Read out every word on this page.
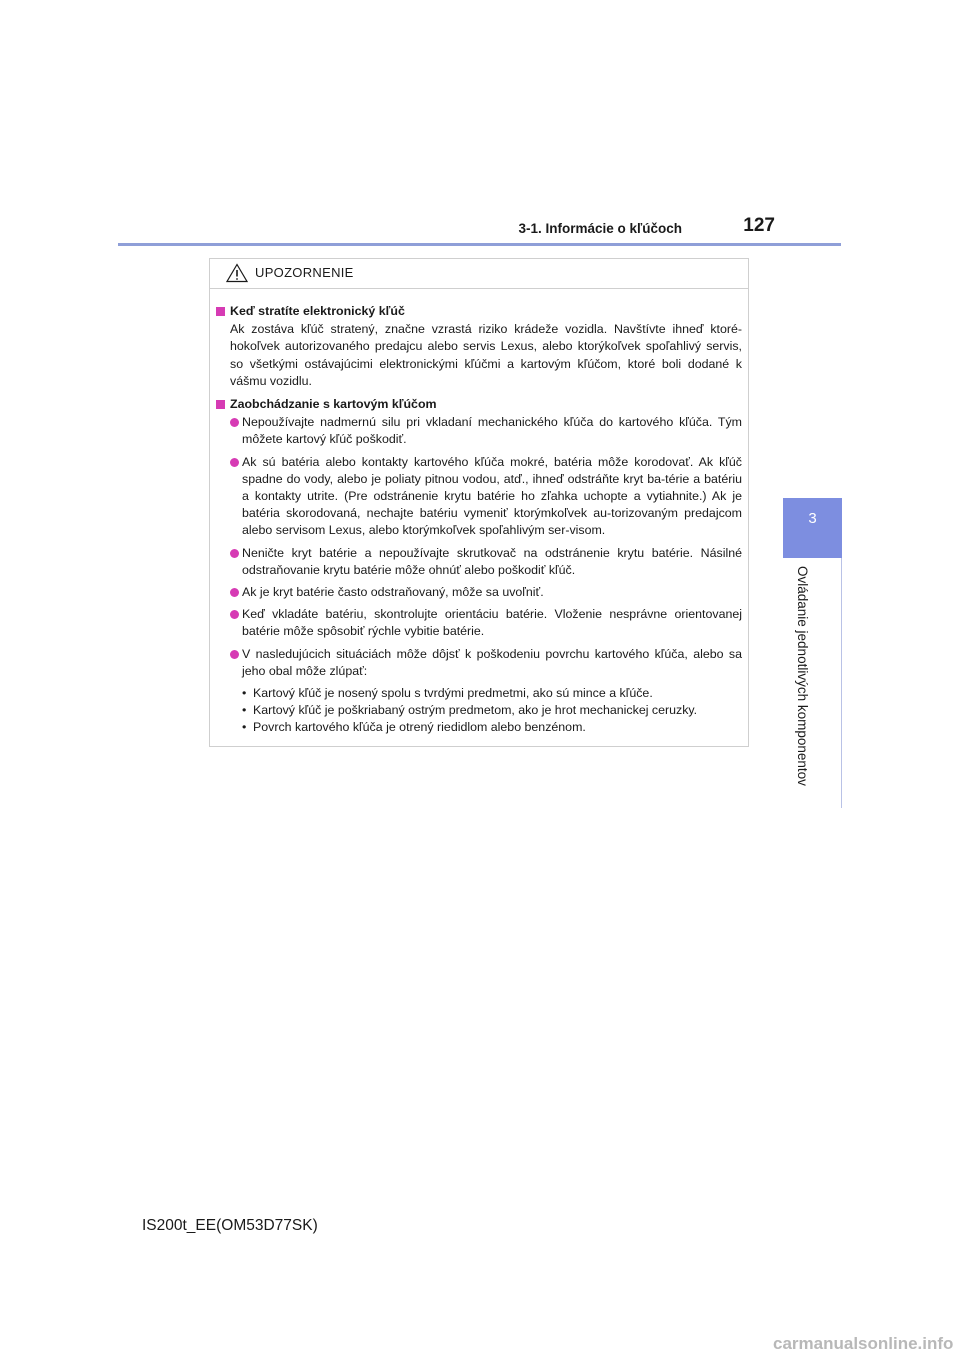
3-1. Informácie o kľúčoch	127
3
Ovládanie jednotlivých komponentov
UPOZORNENIE
Keď stratíte elektronický kľúč
Ak zostáva kľúč stratený, značne vzrastá riziko krádeže vozidla. Navštívte ihneď ktoré-hokoľvek autorizovaného predajcu alebo servis Lexus, alebo ktorýkoľvek spoľahlivý servis, so všetkými ostávajúcimi elektronickými kľúčmi a kartovým kľúčom, ktoré boli dodané k vášmu vozidlu.
Zaobchádzanie s kartovým kľúčom
Nepoužívajte nadmernú silu pri vkladaní mechanického kľúča do kartového kľúča. Tým môžete kartový kľúč poškodiť.
Ak sú batéria alebo kontakty kartového kľúča mokré, batéria môže korodovať. Ak kľúč spadne do vody, alebo je poliaty pitnou vodou, atď., ihneď odstráňte kryt ba-térie a batériu a kontakty utrite. (Pre odstránenie krytu batérie ho zľahka uchopte a vytiahnite.) Ak je batéria skorodovaná, nechajte batériu vymeniť ktorýmkoľvek au-torizovaným predajcom alebo servisom Lexus, alebo ktorýmkoľvek spoľahlivým ser-visom.
Neničte kryt batérie a nepoužívajte skrutkovač na odstránenie krytu batérie. Násilné odstraňovanie krytu batérie môže ohnúť alebo poškodiť kľúč.
Ak je kryt batérie často odstraňovaný, môže sa uvoľniť.
Keď vkladáte batériu, skontrolujte orientáciu batérie. Vloženie nesprávne orientovanej batérie môže spôsobiť rýchle vybitie batérie.
V nasledujúcich situáciách môže dôjsť k poškodeniu povrchu kartového kľúča, alebo sa jeho obal môže zlúpať:
• Kartový kľúč je nosený spolu s tvrdými predmetmi, ako sú mince a kľúče.
• Kartový kľúč je poškriabaný ostrým predmetom, ako je hrot mechanickej ceruzky.
• Povrch kartového kľúča je otrený riedidlom alebo benzénom.
IS200t_EE(OM53D77SK)
carmanualsonline.info
